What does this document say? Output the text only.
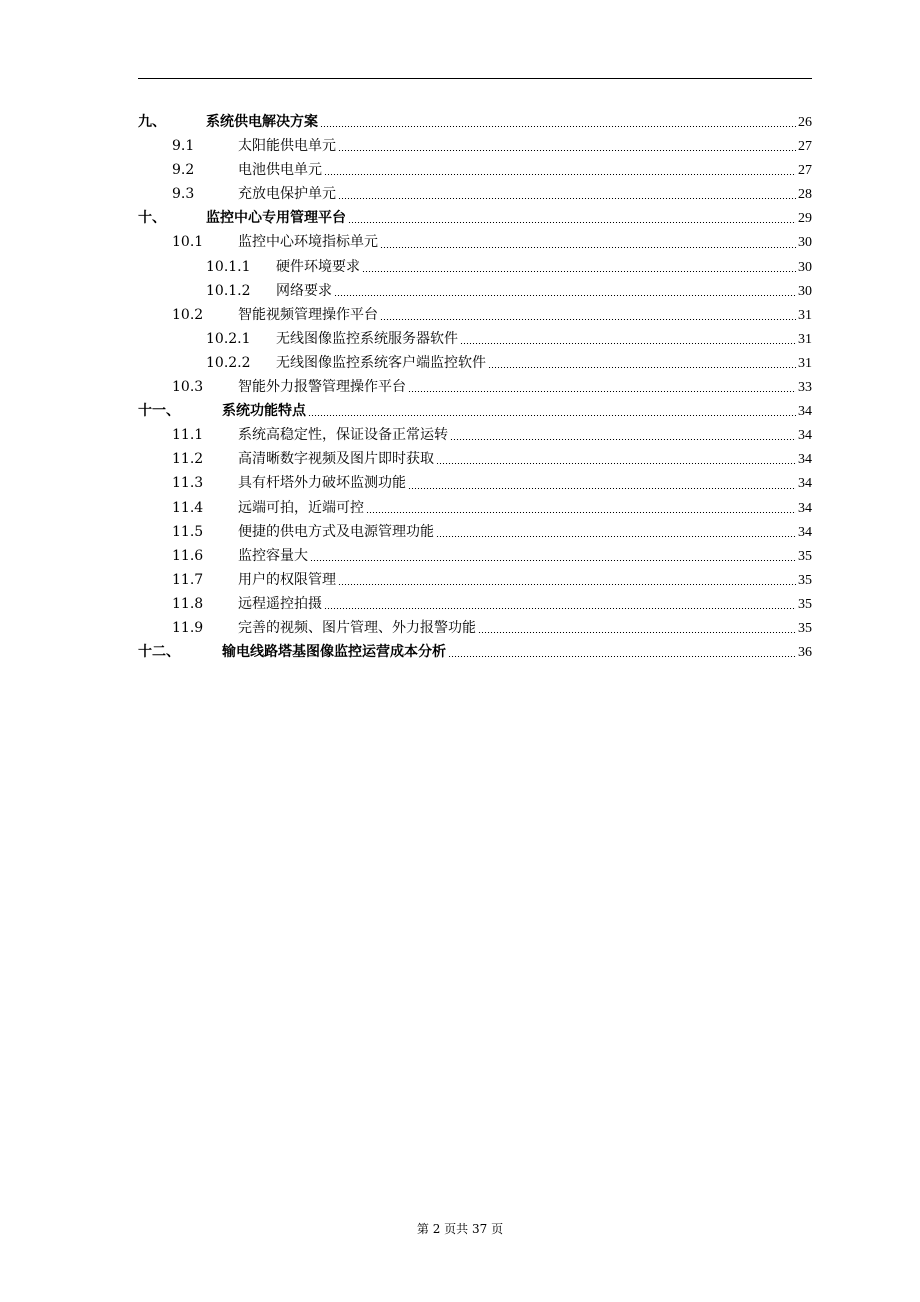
九、	系统供电解决方案	26
9.1	太阳能供电单元	27
9.2	电池供电单元	27
9.3	充放电保护单元	28
十、	监控中心专用管理平台	29
10.1	监控中心环境指标单元	30
10.1.1	硬件环境要求	30
10.1.2	网络要求	30
10.2	智能视频管理操作平台	31
10.2.1	无线图像监控系统服务器软件	31
10.2.2	无线图像监控系统客户端监控软件	31
10.3	智能外力报警管理操作平台	33
十一、	系统功能特点	34
11.1	系统高稳定性，保证设备正常运转	34
11.2	高清晰数字视频及图片即时获取	34
11.3	具有杆塔外力破坏监测功能	34
11.4	远端可拍，近端可控	34
11.5	便捷的供电方式及电源管理功能	34
11.6	监控容量大	35
11.7	用户的权限管理	35
11.8	远程遥控拍摄	35
11.9	完善的视频、图片管理、外力报警功能	35
十二、	输电线路塔基图像监控运营成本分析	36
第 2 页共 37 页
